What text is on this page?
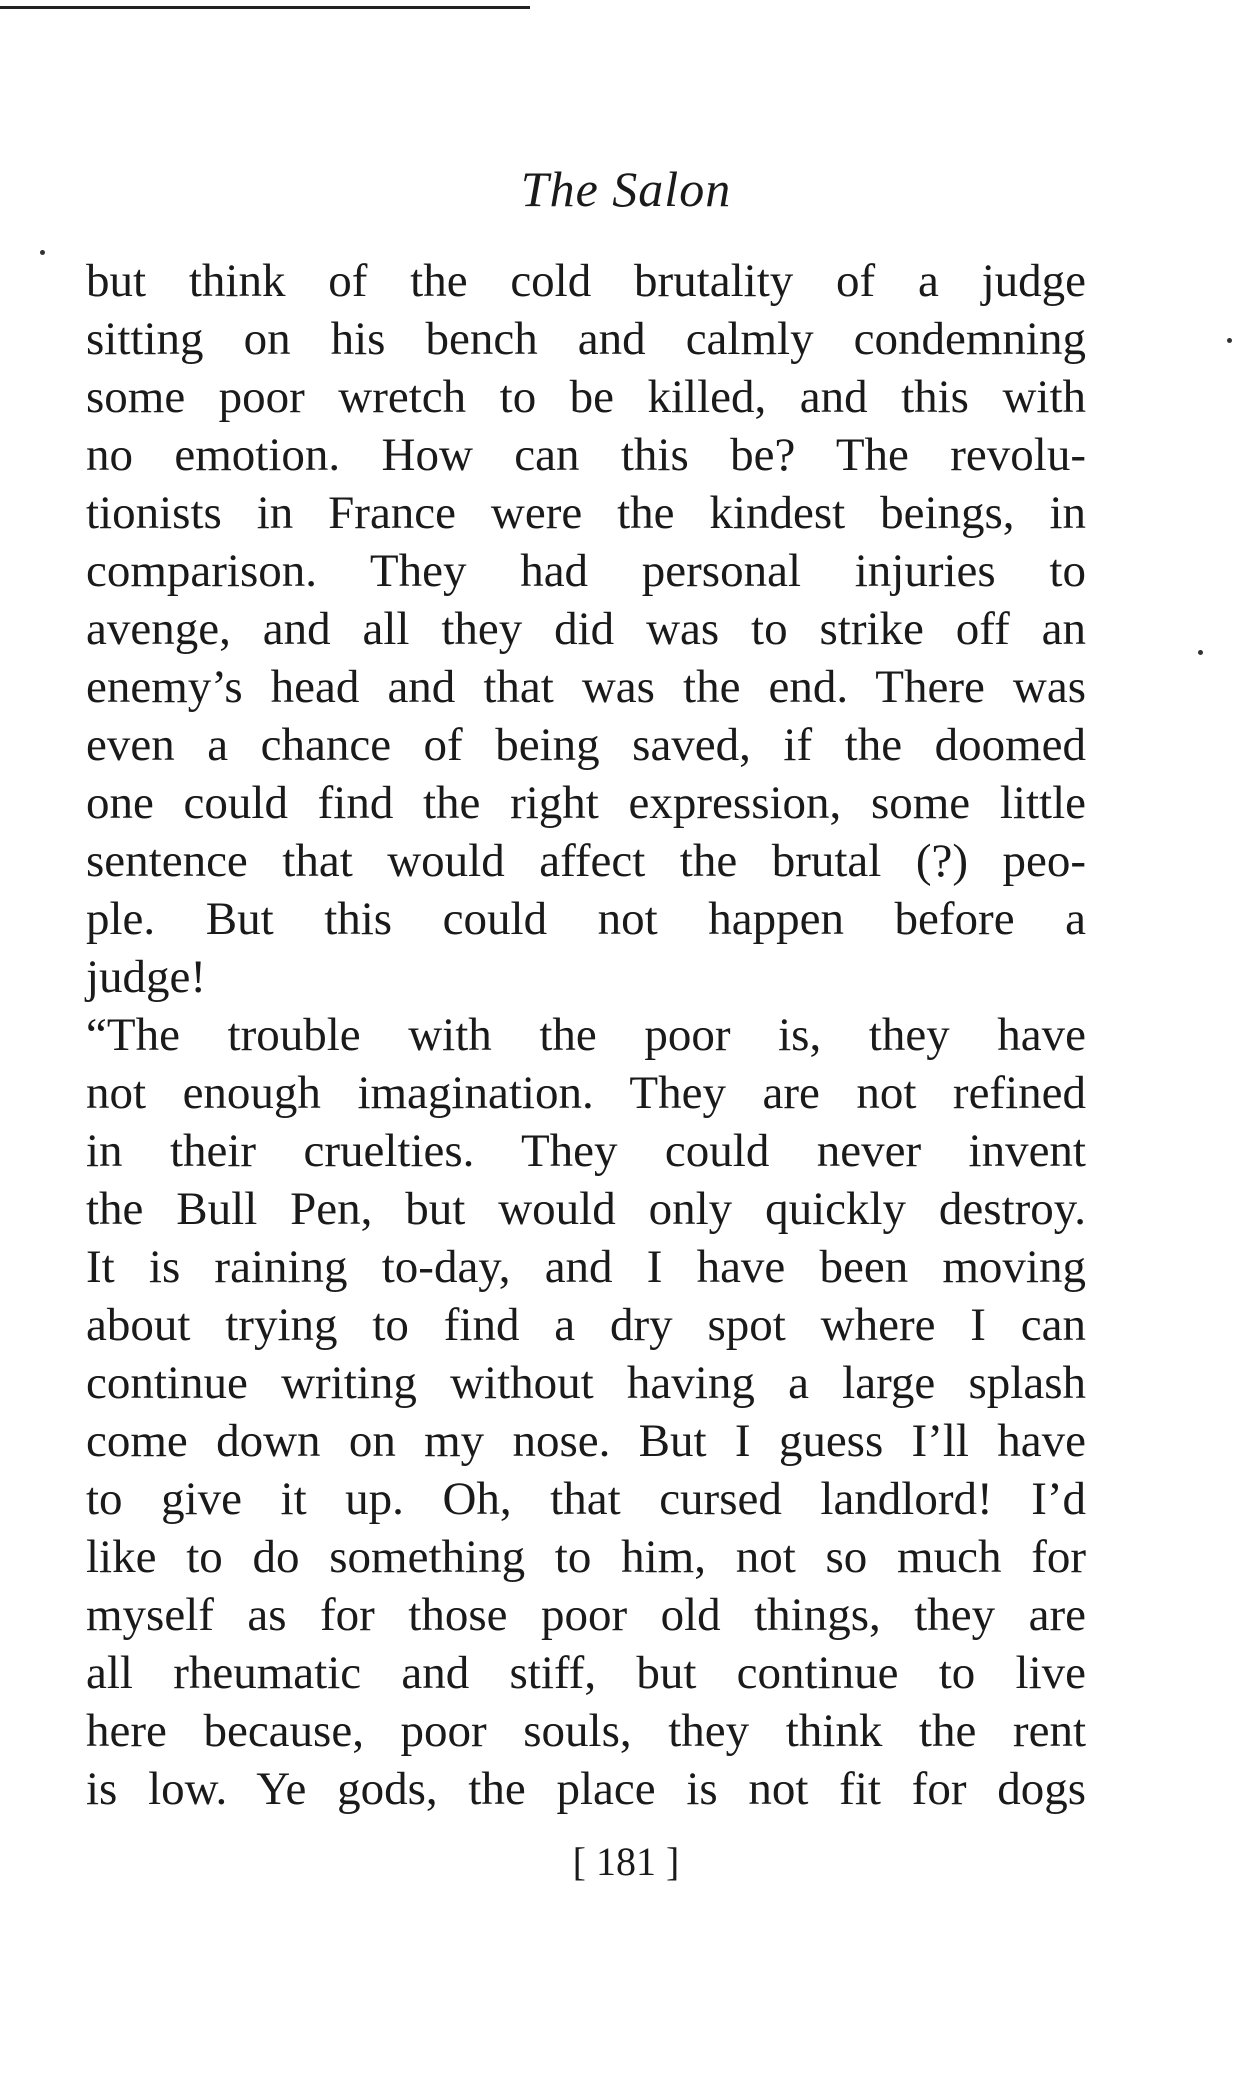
The Salon
but think of the cold brutality of a judge
sitting on his bench and calmly condemning
some poor wretch to be killed, and this with
no emotion. How can this be? The revolu-
tionists in France were the kindest beings, in
comparison. They had personal injuries to
avenge, and all they did was to strike off an
enemy’s head and that was the end. There was
even a chance of being saved, if the doomed
one could find the right expression, some little
sentence that would affect the brutal (?) peo-
ple. But this could not happen before a
judge!
“The trouble with the poor is, they have
not enough imagination. They are not refined
in their cruelties. They could never invent
the Bull Pen, but would only quickly destroy.
It is raining to-day, and I have been moving
about trying to find a dry spot where I can
continue writing without having a large splash
come down on my nose. But I guess I’ll have
to give it up. Oh, that cursed landlord! I’d
like to do something to him, not so much for
myself as for those poor old things, they are
all rheumatic and stiff, but continue to live
here because, poor souls, they think the rent
is low. Ye gods, the place is not fit for dogs
[ 181 ]
